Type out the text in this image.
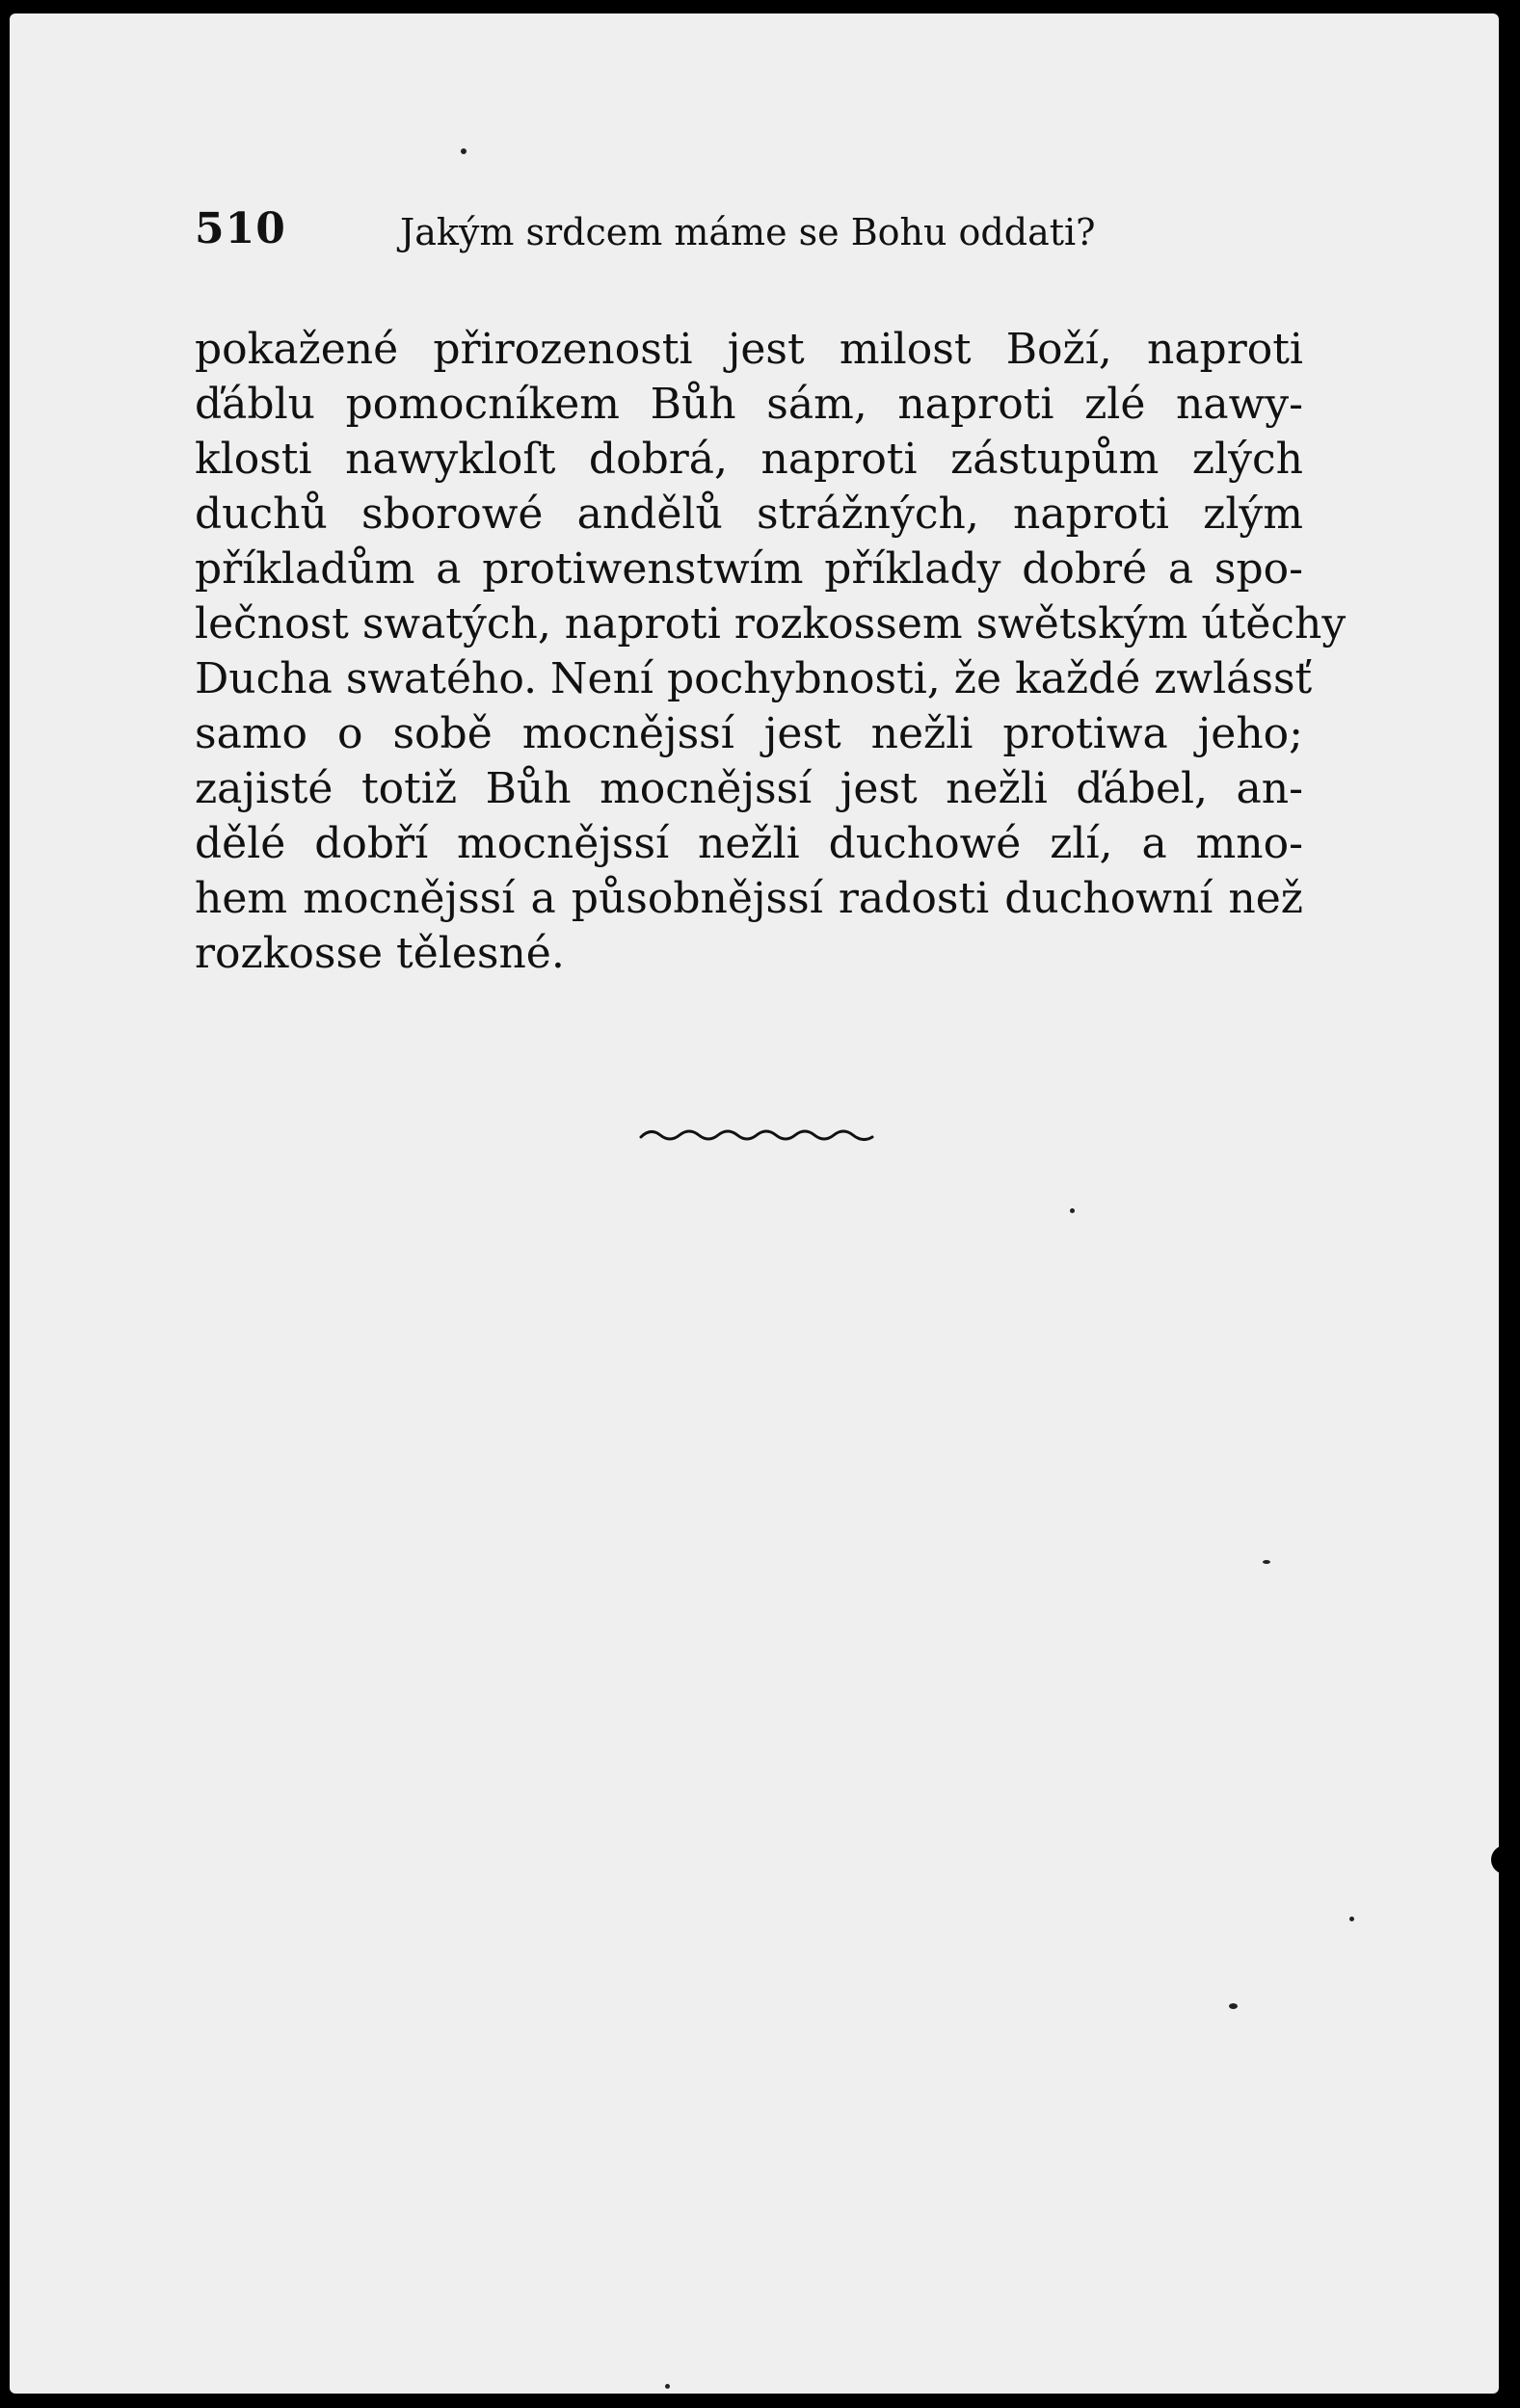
510	Jakým srdcem máme se Bohu oddati?
pokažené přirozenosti jest milost Boží, naproti
ďáblu pomocníkem Bůh sám, naproti zlé nawy-
klosti nawykloſt dobrá, naproti zástupům zlých
duchů sborowé andělů strážných, naproti zlým
příkladům a protiwenstwím příklady dobré a spo-
lečnost swatých, naproti rozkossem swětským útěchy
Ducha swatého. Není pochybnosti, že každé zwlássť
samo o sobě mocnějssí jest nežli protiwa jeho;
zajisté totiž Bůh mocnějssí jest nežli ďábel, an-
dělé dobří mocnějssí nežli duchowé zlí, a mno-
hem mocnějssí a působnějssí radosti duchowní než
rozkosse tělesné.
